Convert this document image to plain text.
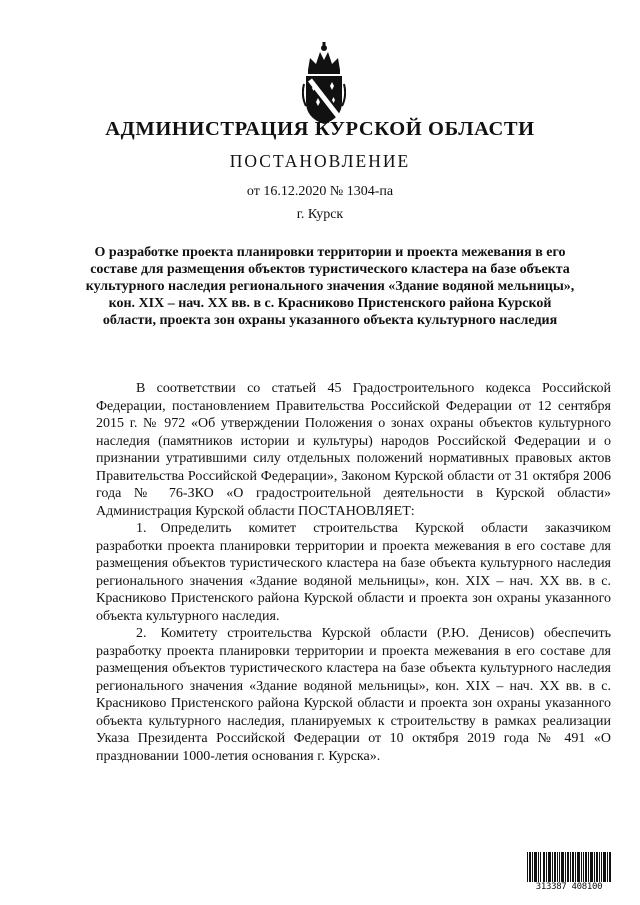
АДМИНИСТРАЦИЯ КУРСКОЙ ОБЛАСТИ
ПОСТАНОВЛЕНИЕ
от 16.12.2020 № 1304-па
г. Курск
О разработке проекта планировки территории и проекта межевания в его составе для размещения объектов туристического кластера на базе объекта культурного наследия регионального значения «Здание водяной мельницы», кон. XIX – нач. XX вв. в с. Красниково Пристенского района Курской области, проекта зон охраны указанного объекта культурного наследия

В соответствии со статьей 45 Градостроительного кодекса Российской Федерации, постановлением Правительства Российской Федерации от 12 сентября 2015 г. № 972 «Об утверждении Положения о зонах охраны объектов культурного наследия (памятников истории и культуры) народов Российской Федерации и о признании утратившими силу отдельных положений нормативных правовых актов Правительства Российской Федерации», Законом Курской области от 31 октября 2006 года № 76-ЗКО «О градостроительной деятельности в Курской области» Администрация Курской области ПОСТАНОВЛЯЕТ:

1. Определить комитет строительства Курской области заказчиком разработки проекта планировки территории и проекта межевания в его составе для размещения объектов туристического кластера на базе объекта культурного наследия регионального значения «Здание водяной мельницы», кон. XIX – нач. XX вв. в с. Красниково Пристенского района Курской области и проекта зон охраны указанного объекта культурного наследия.

2. Комитету строительства Курской области (Р.Ю. Денисов) обеспечить разработку проекта планировки территории и проекта межевания в его составе для размещения объектов туристического кластера на базе объекта культурного наследия регионального значения «Здание водяной мельницы», кон. XIX – нач. XX вв. в с. Красниково Пристенского района Курской области и проекта зон охраны указанного объекта культурного наследия, планируемых к строительству в рамках реализации Указа Президента Российской Федерации от 10 октября 2019 года № 491 «О праздновании 1000-летия основания г. Курска».

313387 408100
